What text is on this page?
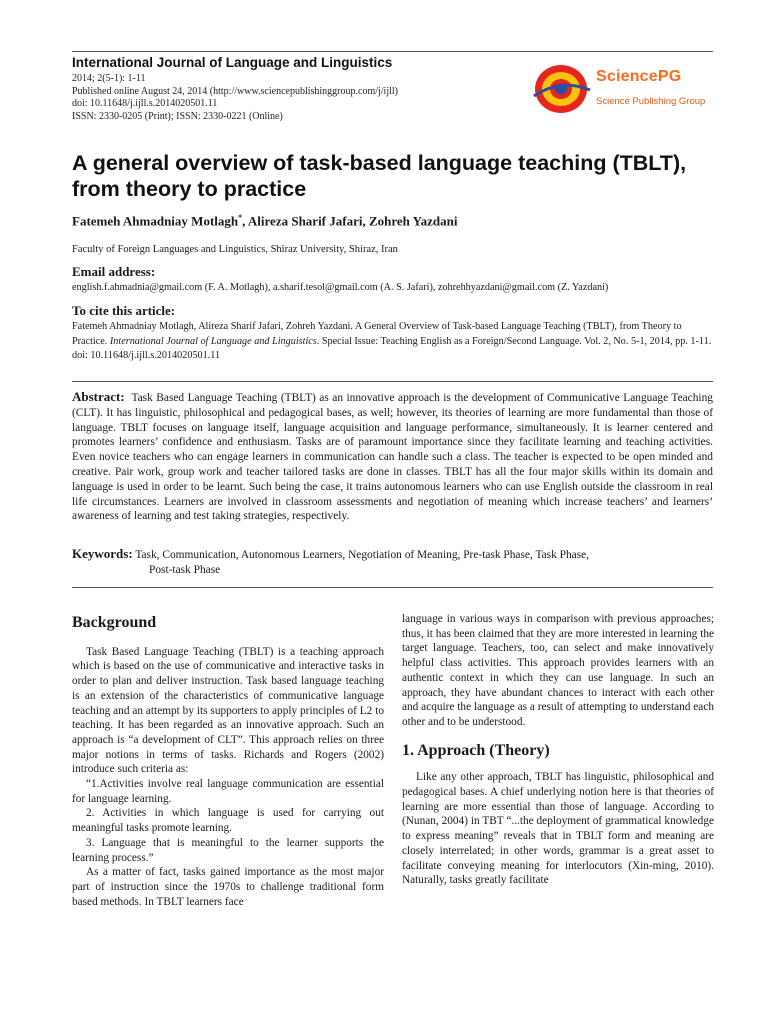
International Journal of Language and Linguistics
2014; 2(5-1): 1-11
Published online August 24, 2014 (http://www.sciencepublishinggroup.com/j/ijll)
doi: 10.11648/j.ijll.s.2014020501.11
ISSN: 2330-0205 (Print); ISSN: 2330-0221 (Online)
SciencePG
Science Publishing Group
A general overview of task-based language teaching (TBLT), from theory to practice
Fatemeh Ahmadniay Motlagh*, Alireza Sharif Jafari, Zohreh Yazdani
Faculty of Foreign Languages and Linguistics, Shiraz University, Shiraz, Iran
Email address:
english.f.ahmadnia@gmail.com (F. A. Motlagh), a.sharif.tesol@gmail.com (A. S. Jafari), zohrehhyazdani@gmail.com (Z. Yazdani)
To cite this article:
Fatemeh Ahmadniay Motlagh, Alireza Sharif Jafari, Zohreh Yazdani. A General Overview of Task-based Language Teaching (TBLT), from Theory to Practice. International Journal of Language and Linguistics. Special Issue: Teaching English as a Foreign/Second Language. Vol. 2, No. 5-1, 2014, pp. 1-11. doi: 10.11648/j.ijll.s.2014020501.11
Abstract: Task Based Language Teaching (TBLT) as an innovative approach is the development of Communicative Language Teaching (CLT). It has linguistic, philosophical and pedagogical bases, as well; however, its theories of learning are more fundamental than those of language. TBLT focuses on language itself, language acquisition and language performance, simultaneously. It is learner centered and promotes learners’ confidence and enthusiasm. Tasks are of paramount importance since they facilitate learning and teaching activities. Even novice teachers who can engage learners in communication can handle such a class. The teacher is expected to be open minded and creative. Pair work, group work and teacher tailored tasks are done in classes. TBLT has all the four major skills within its domain and language is used in order to be learnt. Such being the case, it trains autonomous learners who can use English outside the classroom in real life circumstances. Learners are involved in classroom assessments and negotiation of meaning which increase teachers’ and learners’ awareness of learning and test taking strategies, respectively.
Keywords: Task, Communication, Autonomous Learners, Negotiation of Meaning, Pre-task Phase, Task Phase,
Post-task Phase

Background

Task Based Language Teaching (TBLT) is a teaching approach which is based on the use of communicative and interactive tasks in order to plan and deliver instruction. Task based language teaching is an extension of the characteristics of communicative language teaching and an attempt by its supporters to apply principles of L2 to teaching. It has been regarded as an innovative approach. Such an approach is “a development of CLT”. This approach relies on three major notions in terms of tasks. Richards and Rogers (2002) introduce such criteria as:

“1.Activities involve real language communication are essential for language learning.

2. Activities in which language is used for carrying out meaningful tasks promote learning.

3. Language that is meaningful to the learner supports the learning process.”

As a matter of fact, tasks gained importance as the most major part of instruction since the 1970s to challenge traditional form based methods. In TBLT learners face

language in various ways in comparison with previous approaches; thus, it has been claimed that they are more interested in learning the target language. Teachers, too, can select and make innovatively helpful class activities. This approach provides learners with an authentic context in which they can use language. In such an approach, they have abundant chances to interact with each other and acquire the language as a result of attempting to understand each other and to be understood.

1. Approach (Theory)

Like any other approach, TBLT has linguistic, philosophical and pedagogical bases. A chief underlying notion here is that theories of learning are more essential than those of language. According to (Nunan, 2004) in TBT “...the deployment of grammatical knowledge to express meaning” reveals that in TBLT form and meaning are closely interrelated; in other words, grammar is a great asset to facilitate conveying meaning for interlocutors (Xin-ming, 2010). Naturally, tasks greatly facilitate
